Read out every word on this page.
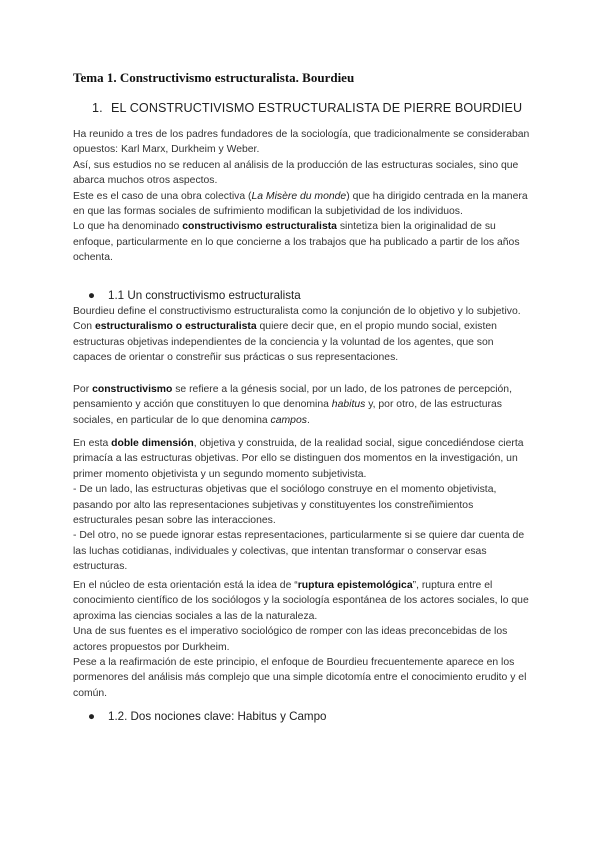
Tema 1. Constructivismo estructuralista. Bourdieu
1. EL CONSTRUCTIVISMO ESTRUCTURALISTA DE PIERRE BOURDIEU

Ha reunido a tres de los padres fundadores de la sociología, que tradicionalmente se consideraban opuestos: Karl Marx, Durkheim y Weber.

Así, sus estudios no se reducen al análisis de la producción de las estructuras sociales, sino que abarca muchos otros aspectos.

Este es el caso de una obra colectiva (La Misère du monde) que ha dirigido centrada en la manera en que las formas sociales de sufrimiento modifican la subjetividad de los individuos.

Lo que ha denominado constructivismo estructuralista sintetiza bien la originalidad de su enfoque, particularmente en lo que concierne a los trabajos que ha publicado a partir de los años ochenta.

● 1.1 Un constructivismo estructuralista

Bourdieu define el constructivismo estructuralista como la conjunción de lo objetivo y lo subjetivo.

Con estructuralismo o estructuralista quiere decir que, en el propio mundo social, existen estructuras objetivas independientes de la conciencia y la voluntad de los agentes, que son capaces de orientar o constreñir sus prácticas o sus representaciones.

Por constructivismo se refiere a la génesis social, por un lado, de los patrones de percepción, pensamiento y acción que constituyen lo que denomina habitus y, por otro, de las estructuras sociales, en particular de lo que denomina campos.

En esta doble dimensión, objetiva y construida, de la realidad social, sigue concediéndose cierta primacía a las estructuras objetivas. Por ello se distinguen dos momentos en la investigación, un primer momento objetivista y un segundo momento subjetivista.

- De un lado, las estructuras objetivas que el sociólogo construye en el momento objetivista, pasando por alto las representaciones subjetivas y constituyentes los constreñimientos estructurales pesan sobre las interacciones.

- Del otro, no se puede ignorar estas representaciones, particularmente si se quiere dar cuenta de las luchas cotidianas, individuales y colectivas, que intentan transformar o conservar esas estructuras.

En el núcleo de esta orientación está la idea de “ruptura epistemológica”, ruptura entre el conocimiento científico de los sociólogos y la sociología espontánea de los actores sociales, lo que aproxima las ciencias sociales a las de la naturaleza.

Una de sus fuentes es el imperativo sociológico de romper con las ideas preconcebidas de los actores propuestos por Durkheim.

Pese a la reafirmación de este principio, el enfoque de Bourdieu frecuentemente aparece en los pormenores del análisis más complejo que una simple dicotomía entre el conocimiento erudito y el común.

● 1.2. Dos nociones clave: Habitus y Campo
